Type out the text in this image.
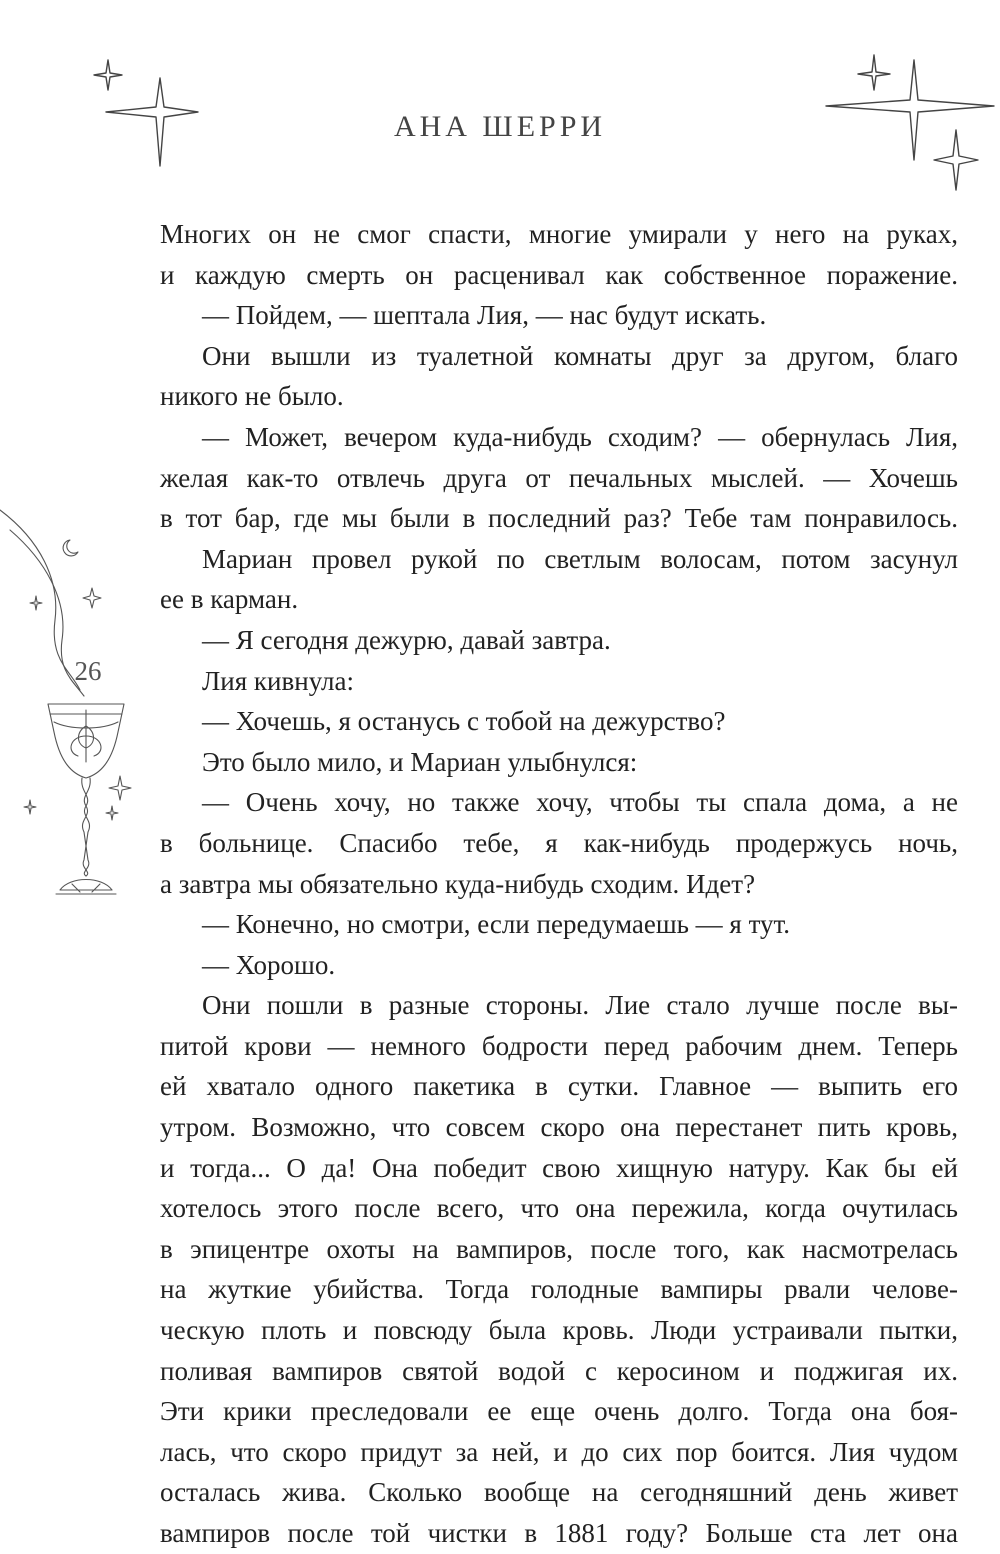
АНА ШЕРРИ
26
Многих он не смог спасти, многие умирали у него на руках,
и каждую смерть он расценивал как собственное поражение.
— Пойдем, — шептала Лия, — нас будут искать.
Они вышли из туалетной комнаты друг за другом, благо
никого не было.
— Может, вечером куда-нибудь сходим? — обернулась Лия,
желая как-то отвлечь друга от печальных мыслей. — Хочешь
в тот бар, где мы были в последний раз? Тебе там понравилось.
Мариан провел рукой по светлым волосам, потом засунул
ее в карман.
— Я сегодня дежурю, давай завтра.
Лия кивнула:
— Хочешь, я останусь с тобой на дежурство?
Это было мило, и Мариан улыбнулся:
— Очень хочу, но также хочу, чтобы ты спала дома, а не
в больнице. Спасибо тебе, я как-нибудь продержусь ночь,
а завтра мы обязательно куда-нибудь сходим. Идет?
— Конечно, но смотри, если передумаешь — я тут.
— Хорошо.
Они пошли в разные стороны. Лие стало лучше после вы-
питой крови — немного бодрости перед рабочим днем. Теперь
ей хватало одного пакетика в сутки. Главное — выпить его
утром. Возможно, что совсем скоро она перестанет пить кровь,
и тогда... О да! Она победит свою хищную натуру. Как бы ей
хотелось этого после всего, что она пережила, когда очутилась
в эпицентре охоты на вампиров, после того, как насмотрелась
на жуткие убийства. Тогда голодные вампиры рвали челове-
ческую плоть и повсюду была кровь. Люди устраивали пытки,
поливая вампиров святой водой с керосином и поджигая их.
Эти крики преследовали ее еще очень долго. Тогда она боя-
лась, что скоро придут за ней, и до сих пор боится. Лия чудом
осталась жива. Сколько вообще на сегодняшний день живет
вампиров после той чистки в 1881 году? Больше ста лет она
